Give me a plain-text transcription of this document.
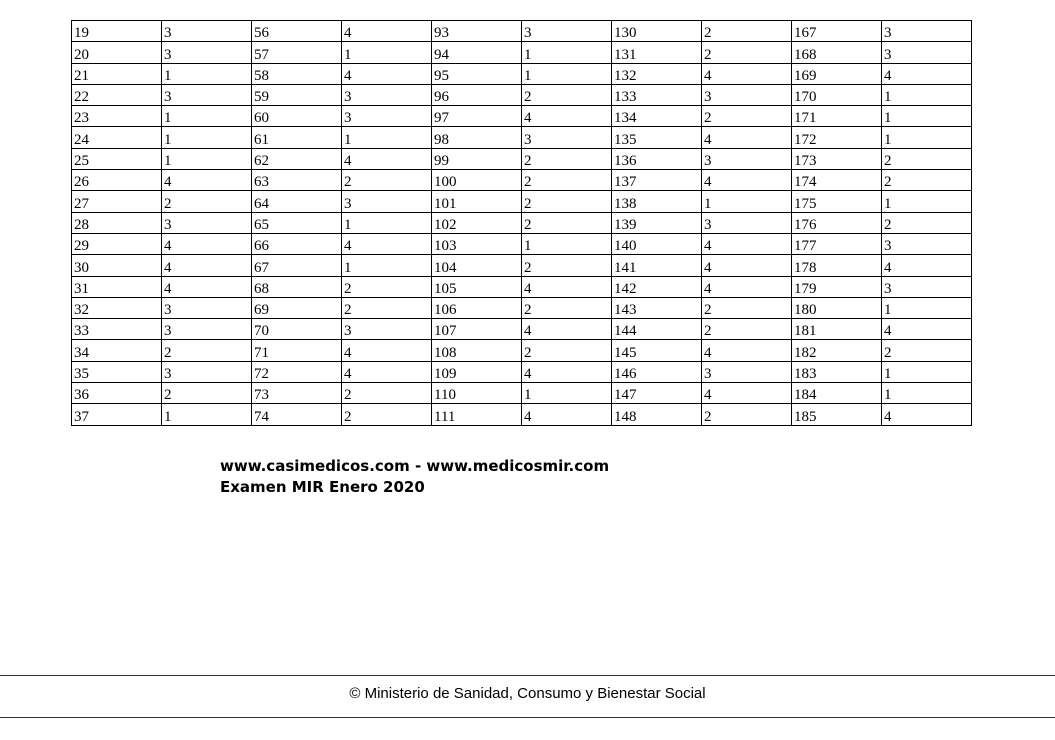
19	3	56	4	93	3	130	2	167	3
20	3	57	1	94	1	131	2	168	3
21	1	58	4	95	1	132	4	169	4
22	3	59	3	96	2	133	3	170	1
23	1	60	3	97	4	134	2	171	1
24	1	61	1	98	3	135	4	172	1
25	1	62	4	99	2	136	3	173	2
26	4	63	2	100	2	137	4	174	2
27	2	64	3	101	2	138	1	175	1
28	3	65	1	102	2	139	3	176	2
29	4	66	4	103	1	140	4	177	3
30	4	67	1	104	2	141	4	178	4
31	4	68	2	105	4	142	4	179	3
32	3	69	2	106	2	143	2	180	1
33	3	70	3	107	4	144	2	181	4
34	2	71	4	108	2	145	4	182	2
35	3	72	4	109	4	146	3	183	1
36	2	73	2	110	1	147	4	184	1
37	1	74	2	111	4	148	2	185	4
www.casimedicos.com - www.medicosmir.com
Examen MIR Enero 2020
© Ministerio de Sanidad, Consumo y Bienestar Social
